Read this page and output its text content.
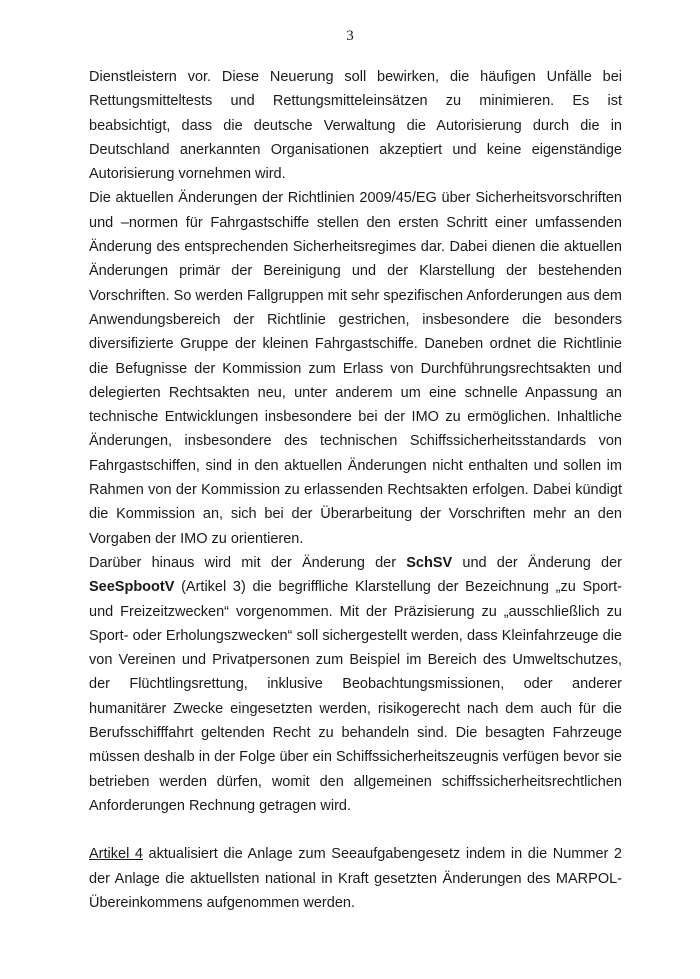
3

Dienstleistern vor. Diese Neuerung soll bewirken, die häufigen Unfälle bei Rettungsmitteltests und Rettungsmitteleinsätzen zu minimieren. Es ist beabsichtigt, dass die deutsche Verwaltung die Autorisierung durch die in Deutschland anerkannten Organisationen akzeptiert und keine eigenständige Autorisierung vornehmen wird.

Die aktuellen Änderungen der Richtlinien 2009/45/EG über Sicherheitsvorschriften und –normen für Fahrgastschiffe stellen den ersten Schritt einer umfassenden Änderung des entsprechenden Sicherheitsregimes dar. Dabei dienen die aktuellen Änderungen primär der Bereinigung und der Klarstellung der bestehenden Vorschriften. So werden Fallgruppen mit sehr spezifischen Anforderungen aus dem Anwendungsbereich der Richtlinie gestrichen, insbesondere die besonders diversifizierte Gruppe der kleinen Fahrgastschiffe. Daneben ordnet die Richtlinie die Befugnisse der Kommission zum Erlass von Durchführungsrechtsakten und delegierten Rechtsakten neu, unter anderem um eine schnelle Anpassung an technische Entwicklungen insbesondere bei der IMO zu ermöglichen. Inhaltliche Änderungen, insbesondere des technischen Schiffssicherheitsstandards von Fahrgastschiffen, sind in den aktuellen Änderungen nicht enthalten und sollen im Rahmen von der Kommission zu erlassenden Rechtsakten erfolgen. Dabei kündigt die Kommission an, sich bei der Überarbeitung der Vorschriften mehr an den Vorgaben der IMO zu orientieren.

Darüber hinaus wird mit der Änderung der SchSV und der Änderung der SeeSpbootV (Artikel 3) die begriffliche Klarstellung der Bezeichnung „zu Sport- und Freizeitzwecken“ vorgenommen. Mit der Präzisierung zu „ausschließlich zu Sport- oder Erholungszwecken“ soll sichergestellt werden, dass Kleinfahrzeuge die von Vereinen und Privatpersonen zum Beispiel im Bereich des Umweltschutzes, der Flüchtlingsrettung, inklusive Beobachtungsmissionen, oder anderer humanitärer Zwecke eingesetzten werden, risikogerecht nach dem auch für die Berufsschifffahrt geltenden Recht zu behandeln sind. Die besagten Fahrzeuge müssen deshalb in der Folge über ein Schiffssicherheitszeugnis verfügen bevor sie betrieben werden dürfen, womit den allgemeinen schiffssicherheitsrechtlichen Anforderungen Rechnung getragen wird.

Artikel 4 aktualisiert die Anlage zum Seeaufgabengesetz indem in die Nummer 2 der Anlage die aktuellsten national in Kraft gesetzten Änderungen des MARPOL-Übereinkommens aufgenommen werden.
